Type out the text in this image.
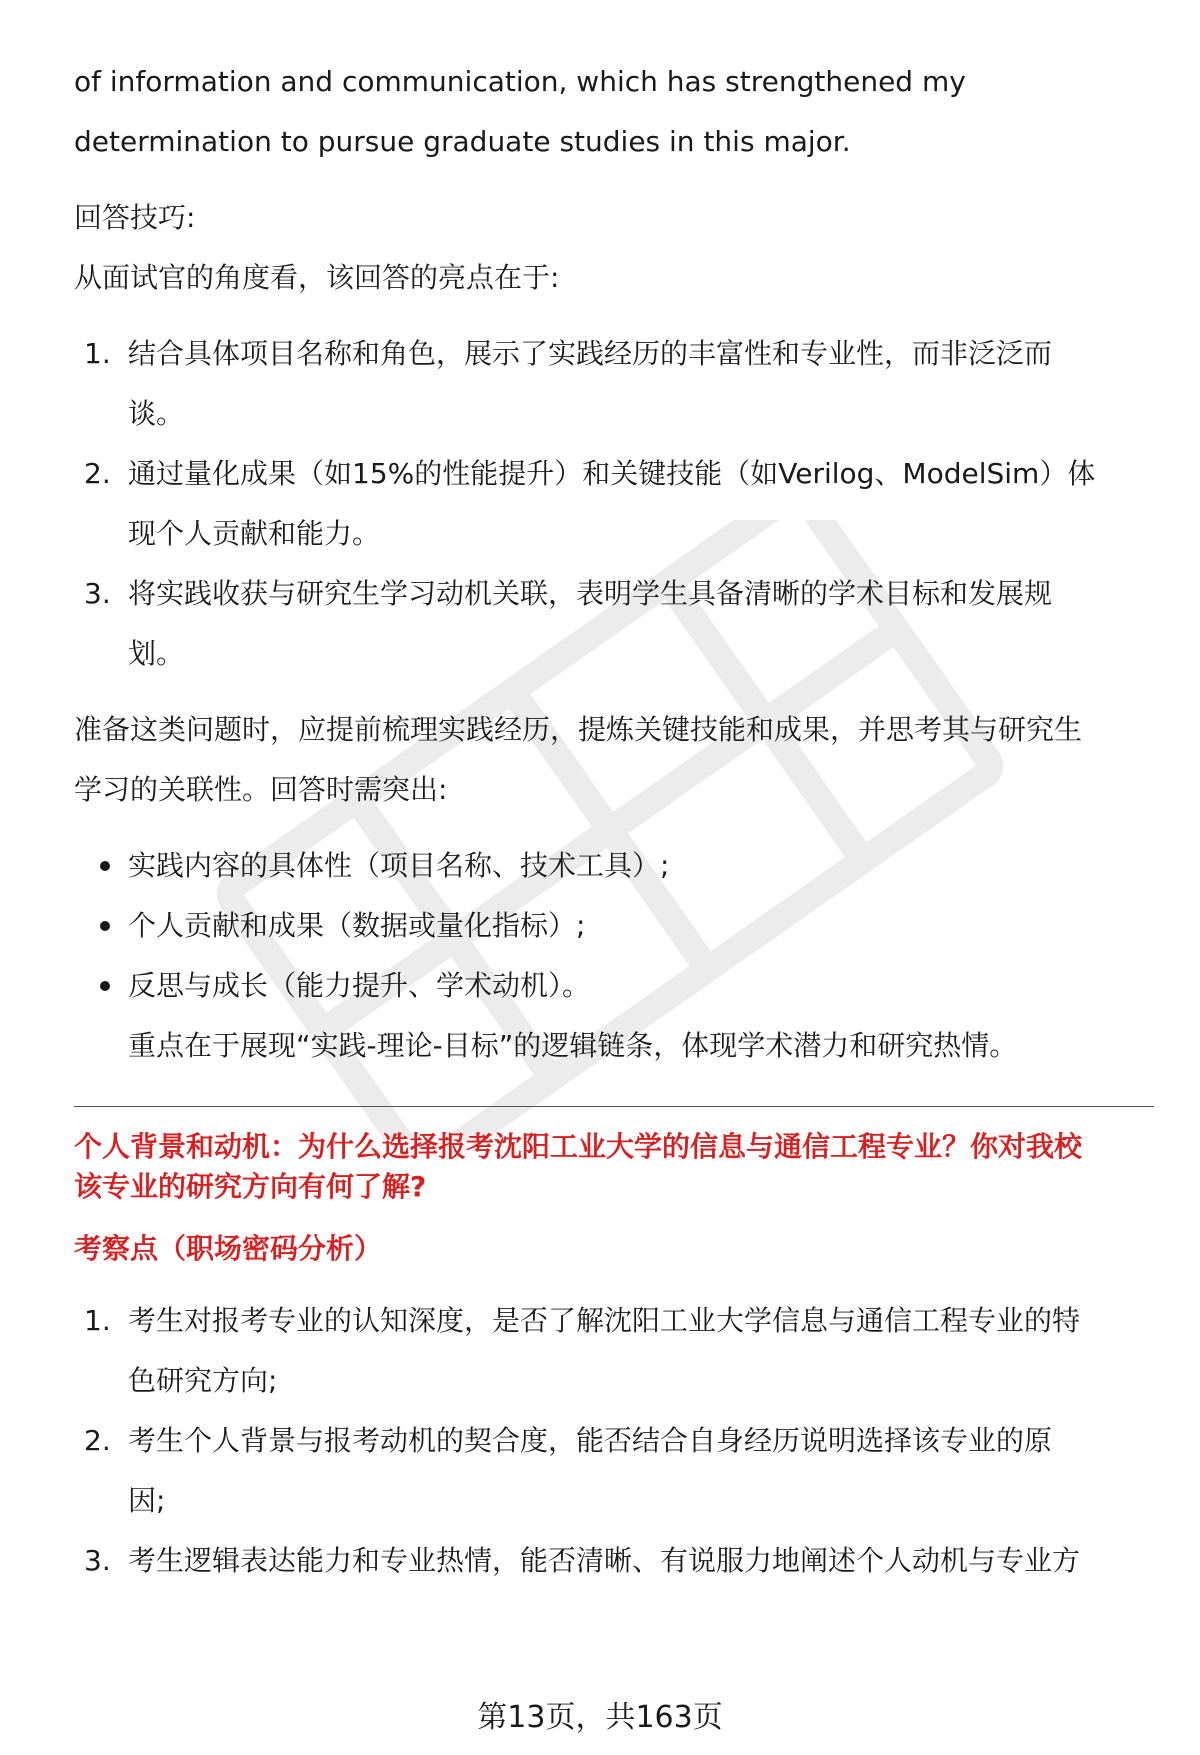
of information and communication, which has strengthened my

determination to pursue graduate studies in this major.

回答技巧:

从面试官的角度看，该回答的亮点在于:

1. 结合具体项目名称和角色，展示了实践经历的丰富性和专业性，而非泛泛而
谈。
2. 通过量化成果（如15%的性能提升）和关键技能（如Verilog、ModelSim）体
现个人贡献和能力。
3. 将实践收获与研究生学习动机关联，表明学生具备清晰的学术目标和发展规
划。

准备这类问题时，应提前梳理实践经历，提炼关键技能和成果，并思考其与研究生

学习的关联性。回答时需突出:

实践内容的具体性（项目名称、技术工具）;
个人贡献和成果（数据或量化指标）;
反思与成长（能力提升、学术动机）。
重点在于展现“实践-理论-目标”的逻辑链条，体现学术潜力和研究热情。

个人背景和动机：为什么选择报考沈阳工业大学的信息与通信工程专业？你对我校

该专业的研究方向有何了解?

考察点（职场密码分析）

1. 考生对报考专业的认知深度，是否了解沈阳工业大学信息与通信工程专业的特
色研究方向;
2. 考生个人背景与报考动机的契合度，能否结合自身经历说明选择该专业的原
因;
3. 考生逻辑表达能力和专业热情，能否清晰、有说服力地阐述个人动机与专业方
第13页，共163页
